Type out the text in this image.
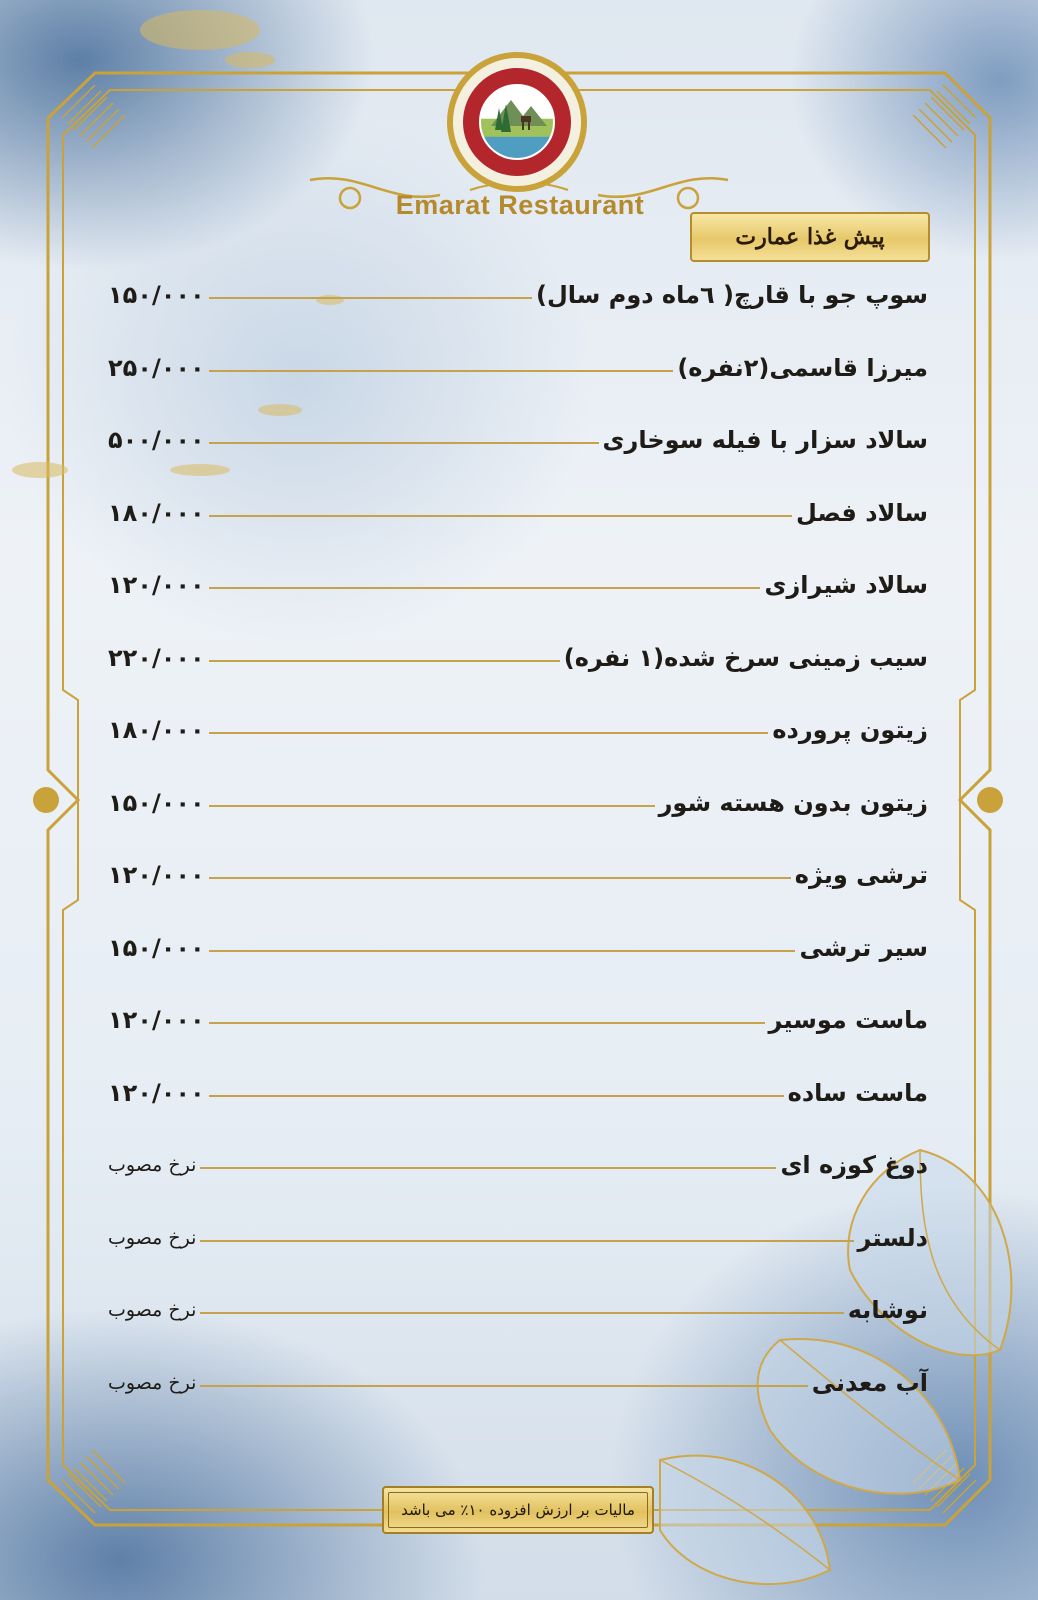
Emarat Restaurant
پیش غذا عمارت
سوپ جو با قارچ( ٦ماه دوم سال)
۱۵۰/۰۰۰
میرزا قاسمی(۲نفره)
۲۵۰/۰۰۰
سالاد سزار با فیله سوخاری
۵۰۰/۰۰۰
سالاد فصل
۱۸۰/۰۰۰
سالاد شیرازی
۱۲۰/۰۰۰
سیب زمینی سرخ شده(۱ نفره)
۲۲۰/۰۰۰
زیتون پرورده
۱۸۰/۰۰۰
زیتون بدون هسته شور
۱۵۰/۰۰۰
ترشی ویژه
۱۲۰/۰۰۰
سیر ترشی
۱۵۰/۰۰۰
ماست موسیر
۱۲۰/۰۰۰
ماست ساده
۱۲۰/۰۰۰
دوغ کوزه ای
نرخ مصوب
دلستر
نرخ مصوب
نوشابه
نرخ مصوب
آب معدنی
نرخ مصوب
مالیات بر ارزش افزوده ۱۰٪ می باشد
